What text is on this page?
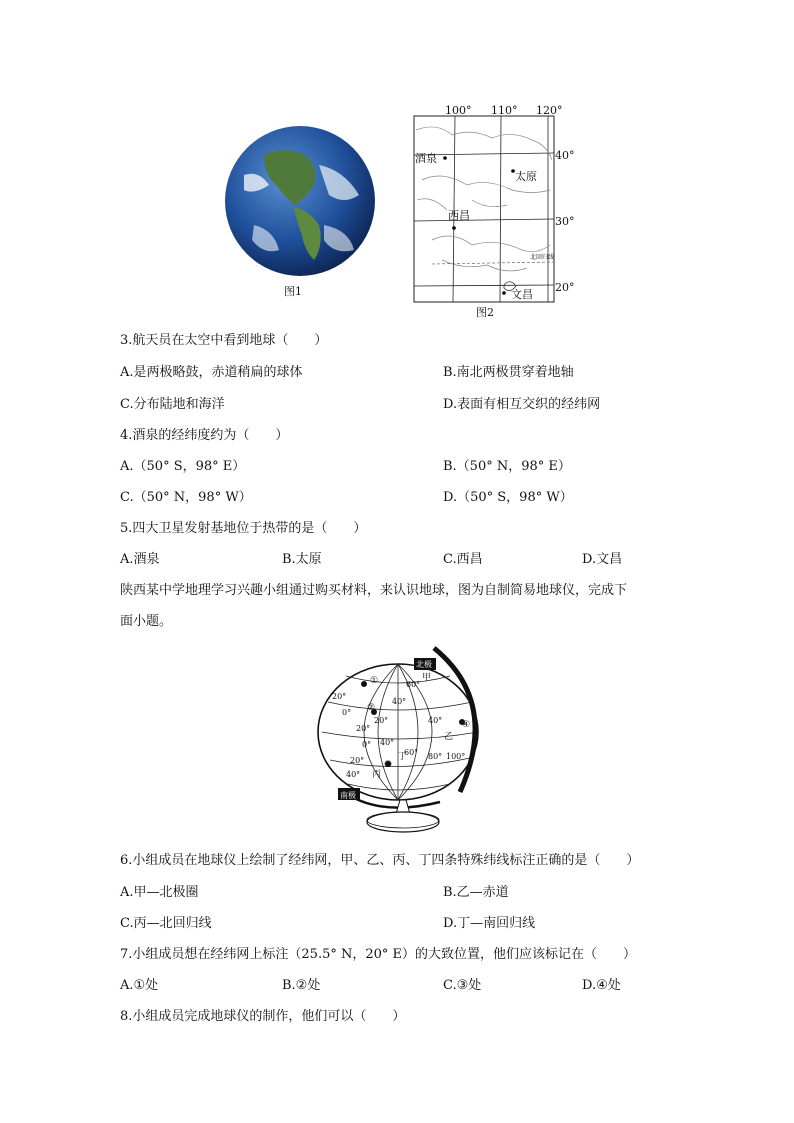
图1
100° 110° 120°
40°
30°
20°
酒泉
太原
西昌
文昌
北回归线
图2
3.航天员在太空中看到地球（　　）
A.是两极略鼓，赤道稍扁的球体	B.南北两极贯穿着地轴
C.分布陆地和海洋	D.表面有相互交织的经纬网
4.酒泉的经纬度约为（　　）
A.（50° S，98° E）	B.（50° N，98° E）
C.（50° N，98° W）	D.（50° S，98° W）
5.四大卫星发射基地位于热带的是（　　）
A.酒泉	B.太原	C.西昌	D.文昌
陕西某中学地理学习兴趣小组通过购买材料，来认识地球，图为自制简易地球仪，完成下
面小题。
北极
南极
①
②
③
④
甲
乙
丙
丁
60°
40°
20°
0°
20°	40°
20°
0°
20°
40°
60° 80° 100°
40°
6.小组成员在地球仪上绘制了经纬网，甲、乙、丙、丁四条特殊纬线标注正确的是（　　）
A.甲—北极圈	B.乙—赤道
C.丙—北回归线	D.丁—南回归线
7.小组成员想在经纬网上标注（25.5° N，20° E）的大致位置，他们应该标记在（　　）
A.①处	B.②处	C.③处	D.④处
8.小组成员完成地球仪的制作，他们可以（　　）
